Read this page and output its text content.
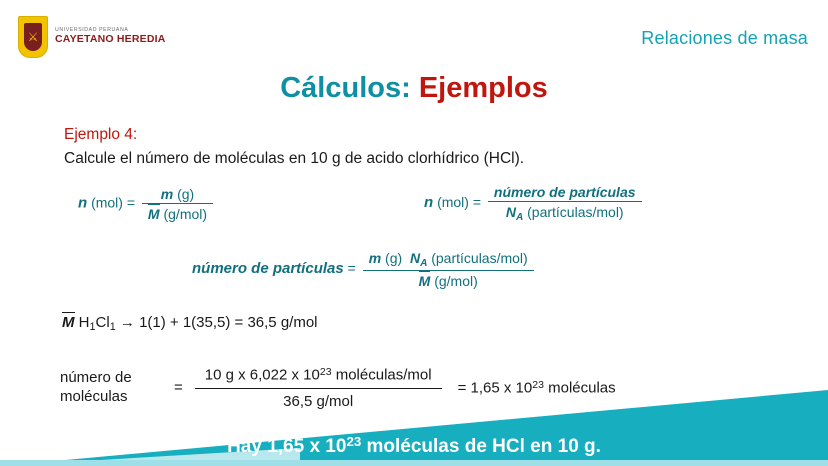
⚔	UNIVERSIDAD PERUANA
CAYETANO HEREDIA	Relaciones de masa
Cálculos: Ejemplos
Ejemplo 4:
Calcule el número de moléculas en 10 g de acido clorhídrico (HCl).
n $(mol) = \frac{m (g)}{\text{M (g/mol)}}$	n $(mol) = \frac{\text{número de partículas}}{N_A (partículas/mol)}$
número de partículas = $\frac{m (g) N_A (partículas/mol)}{\text{M (g/mol)}}$
M $H_1Cl_1 \to 1(1) + 1(35,5) = 36,5$ g/mol
número de
moléculas	= $\frac{10 g x 6,022 x 10^{23} moléculas/mol}{\text{36,5 g/mol}} = 1,65$ x $10^{23}$ moléculas
Hay 1,65 x $10^{23}$ moléculas de HCl en 10 g.
